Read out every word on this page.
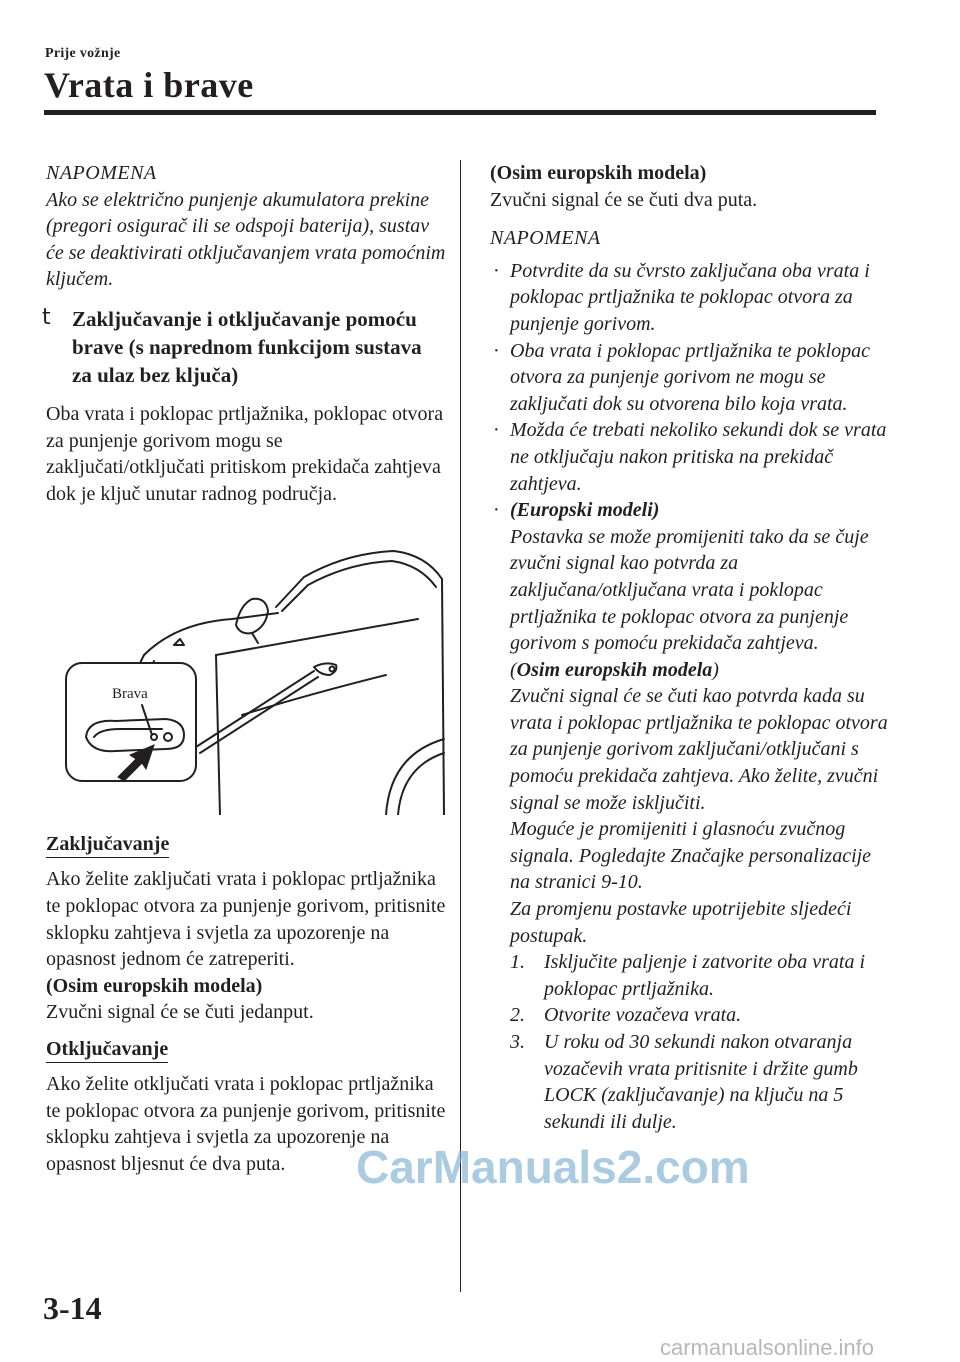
Prije vožnje
Vrata i brave

NAPOMENA

Ako se električno punjenje akumulatora prekine (pregori osigurač ili se odspoji baterija), sustav će se deaktivirati otključavanjem vrata pomoćnim ključem.

t Zaključavanje i otključavanje pomoću brave (s naprednom funkcijom sustava za ulaz bez ključa)

Oba vrata i poklopac prtljažnika, poklopac otvora za punjenje gorivom mogu se zaključati/otključati pritiskom prekidača zahtjeva dok je ključ unutar radnog područja.

Brava
Zaključavanje

Ako želite zaključati vrata i poklopac prtljažnika te poklopac otvora za punjenje gorivom, pritisnite sklopku zahtjeva i svjetla za upozorenje na opasnost jednom će zatreperiti.

(Osim europskih modela)

Zvučni signal će se čuti jedanput.

Otključavanje

Ako želite otključati vrata i poklopac prtljažnika te poklopac otvora za punjenje gorivom, pritisnite sklopku zahtjeva i svjetla za upozorenje na opasnost bljesnut će dva puta.

(Osim europskih modela)

Zvučni signal će se čuti dva puta.

NAPOMENA

· Potvrdite da su čvrsto zaključana oba vrata i poklopac prtljažnika te poklopac otvora za punjenje gorivom.
· Oba vrata i poklopac prtljažnika te poklopac otvora za punjenje gorivom ne mogu se zaključati dok su otvorena bilo koja vrata.
· Možda će trebati nekoliko sekundi dok se vrata ne otključaju nakon pritiska na prekidač zahtjeva.
· (Europski modeli)
Postavka se može promijeniti tako da se čuje zvučni signal kao potvrda za zaključana/otključana vrata i poklopac prtljažnika te poklopac otvora za punjenje gorivom s pomoću prekidača zahtjeva.
(Osim europskih modela)
Zvučni signal će se čuti kao potvrda kada su vrata i poklopac prtljažnika te poklopac otvora za punjenje gorivom zaključani/otključani s pomoću prekidača zahtjeva. Ako želite, zvučni signal se može isključiti.
Moguće je promijeniti i glasnoću zvučnog signala. Pogledajte Značajke personalizacije na stranici 9-10.
Za promjenu postavke upotrijebite sljedeći postupak.
1. Isključite paljenje i zatvorite oba vrata i poklopac prtljažnika.
2. Otvorite vozačeva vrata.
3. U roku od 30 sekundi nakon otvaranja vozačevih vrata pritisnite i držite gumb LOCK (zaključavanje) na ključu na 5 sekundi ili dulje.
3-14
CarManuals2.com
carmanualsonline.info
